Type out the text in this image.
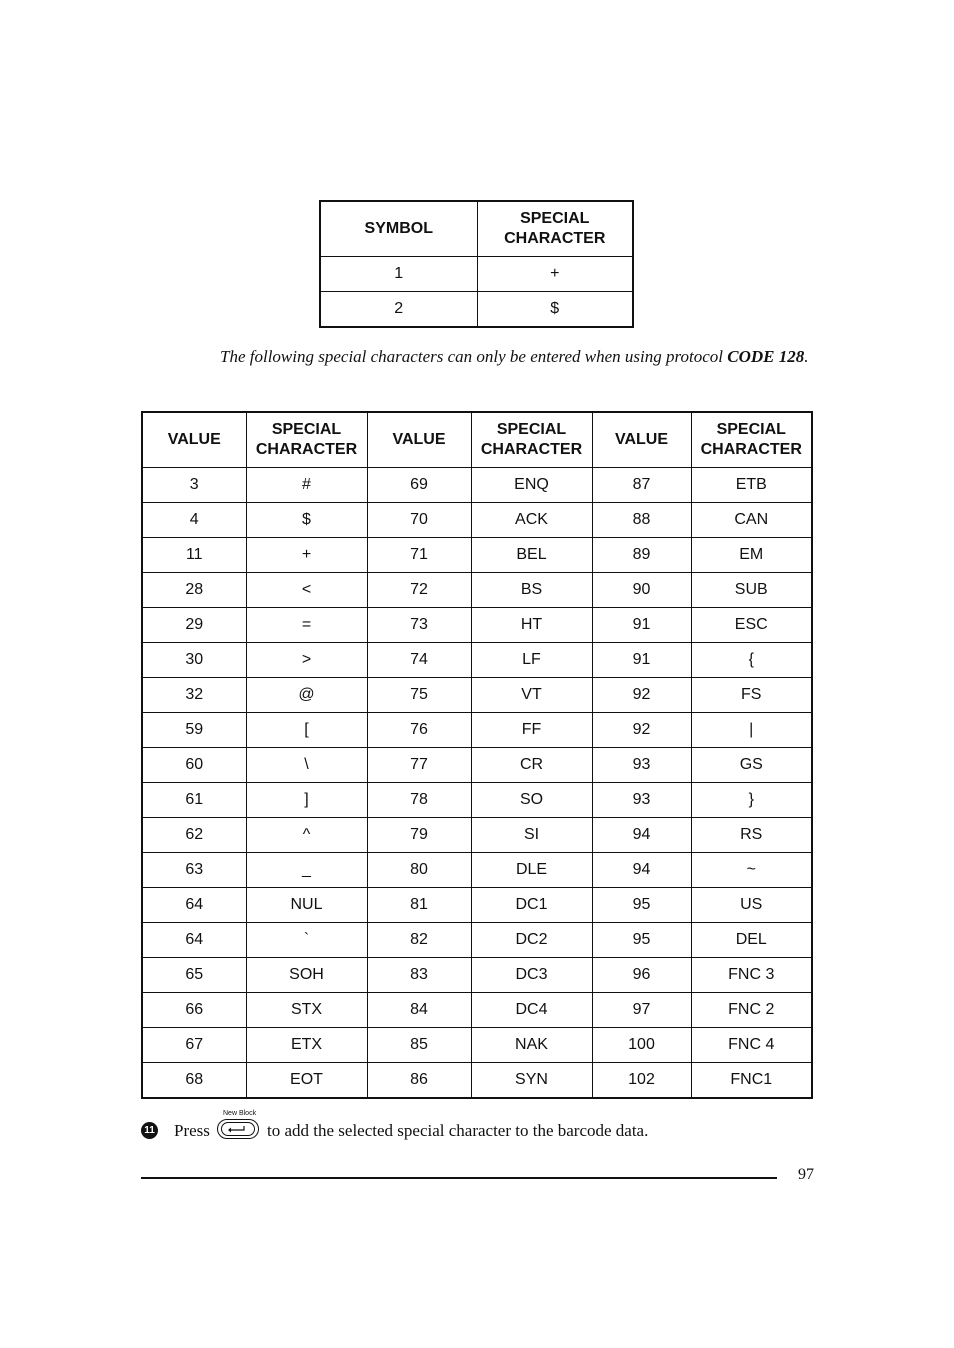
SYMBOL	SPECIAL CHARACTER
1	+
2	$

The following special characters can only be entered when using protocol CODE 128.

VALUE	SPECIAL CHARACTER	VALUE	SPECIAL CHARACTER	VALUE	SPECIAL CHARACTER
3	#	69	ENQ	87	ETB
4	$	70	ACK	88	CAN
11	+	71	BEL	89	EM
28	<	72	BS	90	SUB
29	=	73	HT	91	ESC
30	>	74	LF	91	{
32	@	75	VT	92	FS
59	[	76	FF	92	|
60	\	77	CR	93	GS
61	]	78	SO	93	}
62	^	79	SI	94	RS
63	_	80	DLE	94	~
64	NUL	81	DC1	95	US
64	`	82	DC2	95	DEL
65	SOH	83	DC3	96	FNC 3
66	STX	84	DC4	97	FNC 2
67	ETX	85	NAK	100	FNC 4
68	EOT	86	SYN	102	FNC1
11 Press
New Block
to add the selected special character to the barcode data.
97
